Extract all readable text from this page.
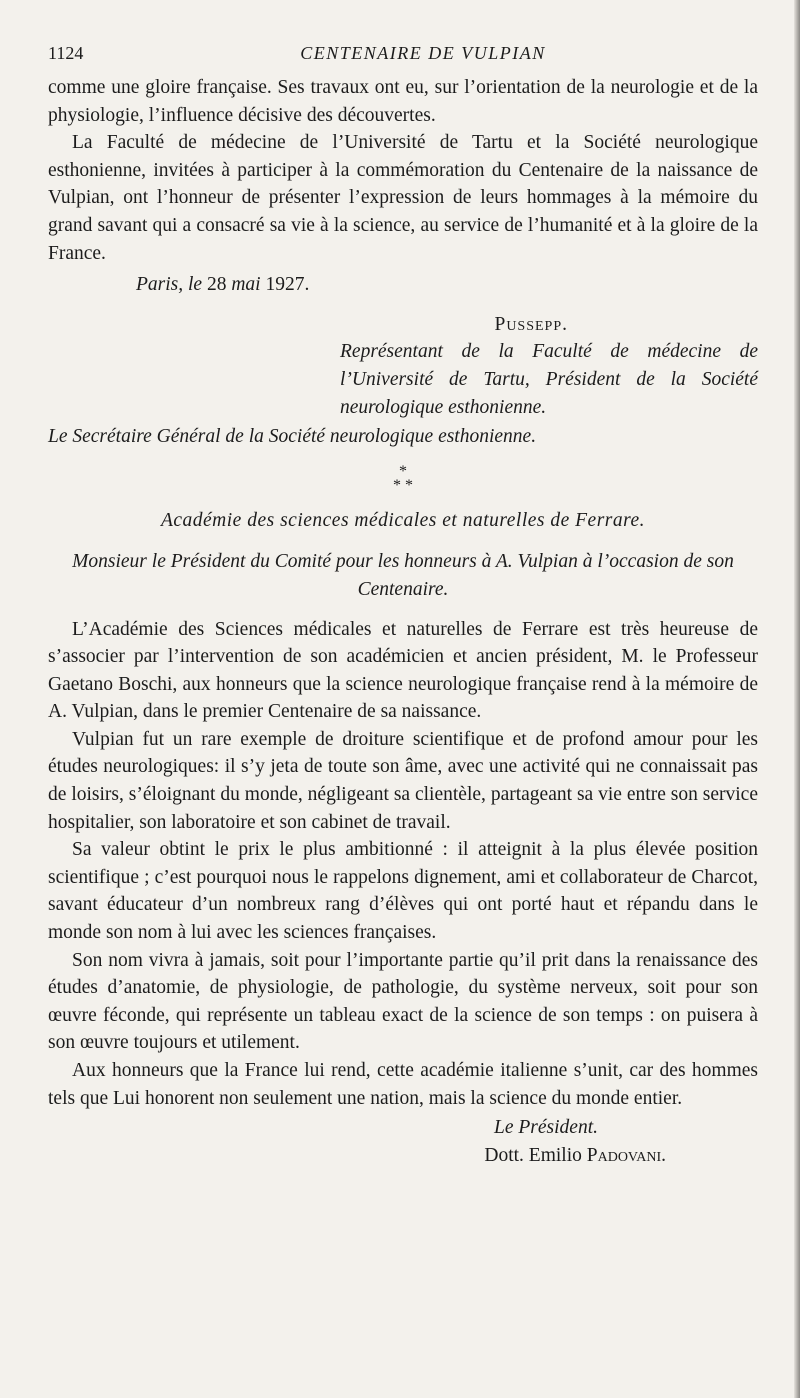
1124	CENTENAIRE DE VULPIAN

comme une gloire française. Ses travaux ont eu, sur l’orientation de la neurologie et de la physiologie, l’influence décisive des découvertes.

La Faculté de médecine de l’Université de Tartu et la Société neurologique esthonienne, invitées à participer à la commémoration du Centenaire de la naissance de Vulpian, ont l’honneur de présenter l’expression de leurs hommages à la mémoire du grand savant qui a consacré sa vie à la science, au service de l’humanité et à la gloire de la France.

Paris, le 28 mai 1927.
Pussepp.

Représentant de la Faculté de médecine de l’Université de Tartu, Président de la Société neurologique esthonienne.

Le Secrétaire Général de la Société neurologique esthonienne.

*
* *
Académie des sciences médicales et naturelles de Ferrare.
Monsieur le Président du Comité pour les honneurs à A. Vulpian à l’occasion de son Centenaire.

L’Académie des Sciences médicales et naturelles de Ferrare est très heureuse de s’associer par l’intervention de son académicien et ancien président, M. le Professeur Gaetano Boschi, aux honneurs que la science neurologique française rend à la mémoire de A. Vulpian, dans le premier Centenaire de sa naissance.

Vulpian fut un rare exemple de droiture scientifique et de profond amour pour les études neurologiques: il s’y jeta de toute son âme, avec une activité qui ne connaissait pas de loisirs, s’éloignant du monde, négligeant sa clientèle, partageant sa vie entre son service hospitalier, son laboratoire et son cabinet de travail.

Sa valeur obtint le prix le plus ambitionné : il atteignit à la plus élevée position scientifique ; c’est pourquoi nous le rappelons dignement, ami et collaborateur de Charcot, savant éducateur d’un nombreux rang d’élèves qui ont porté haut et répandu dans le monde son nom à lui avec les sciences françaises.

Son nom vivra à jamais, soit pour l’importante partie qu’il prit dans la renaissance des études d’anatomie, de physiologie, de pathologie, du système nerveux, soit pour son œuvre féconde, qui représente un tableau exact de la science de son temps : on puisera à son œuvre toujours et utilement.

Aux honneurs que la France lui rend, cette académie italienne s’unit, car des hommes tels que Lui honorent non seulement une nation, mais la science du monde entier.

Le Président.
Dott. Emilio Padovani.
